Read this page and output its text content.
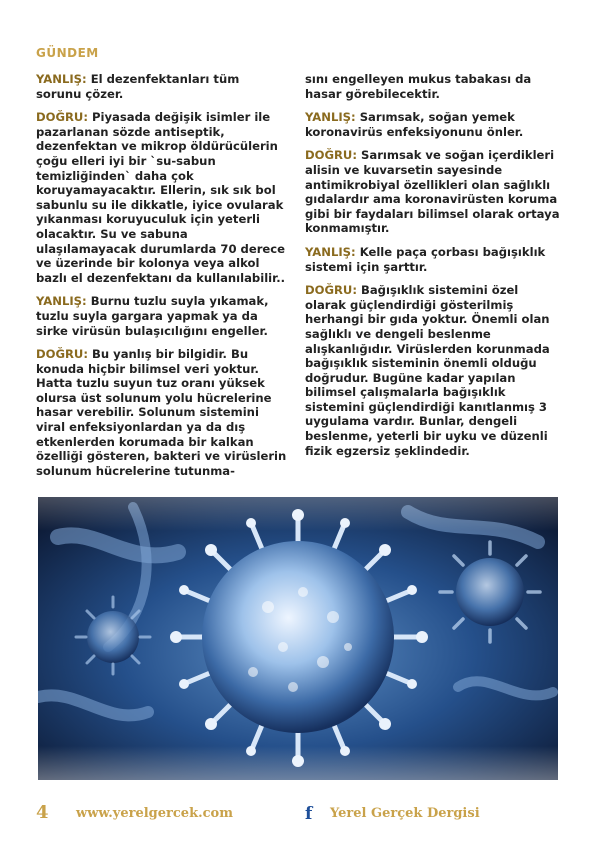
GÜNDEM

YANLIŞ: El dezenfektanları tüm sorunu çözer.

DOĞRU: Piyasada değişik isimler ile pazarlanan sözde antiseptik, dezenfektan ve mikrop öldürücülerin çoğu elleri iyi bir `su-sabun temizliğinden` daha çok koruyamayacaktır. Ellerin, sık sık bol sabunlu su ile dikkatle, iyice ovularak yıkanması koruyuculuk için yeterli olacaktır. Su ve sabuna ulaşılamayacak durumlarda 70 derece ve üzerinde bir kolonya veya alkol bazlı el dezenfektanı da kullanılabilir..

YANLIŞ: Burnu tuzlu suyla yıkamak, tuzlu suyla gargara yapmak ya da sirke virüsün bulaşıcılığını engeller.

DOĞRU: Bu yanlış bir bilgidir. Bu konuda hiçbir bilimsel veri yoktur. Hatta tuzlu suyun tuz oranı yüksek olursa üst solunum yolu hücrelerine hasar verebilir. Solunum sistemini viral enfeksiyonlardan ya da dış etkenlerden korumada bir kalkan özelliği gösteren, bakteri ve virüslerin solunum hücrelerine tutunma-

sını engelleyen mukus tabakası da hasar görebilecektir.

YANLIŞ: Sarımsak, soğan yemek koronavirüs enfeksiyonunu önler.

DOĞRU: Sarımsak ve soğan içerdikleri alisin ve kuvarsetin sayesinde antimikrobiyal özellikleri olan sağlıklı gıdalardır ama koronavirüsten koruma gibi bir faydaları bilimsel olarak ortaya konmamıştır.

YANLIŞ: Kelle paça çorbası bağışıklık sistemi için şarttır.

DOĞRU: Bağışıklık sistemini özel olarak güçlendirdiği gösterilmiş herhangi bir gıda yoktur. Önemli olan sağlıklı ve dengeli beslenme alışkanlığıdır. Virüslerden korunmada bağışıklık sisteminin önemli olduğu doğrudur. Bugüne kadar yapılan bilimsel çalışmalarla bağışıklık sistemini güçlendirdiği kanıtlanmış 3 uygulama vardır. Bunlar, dengeli beslenme, yeterli bir uyku ve düzenli fizik egzersiz şeklindedir.

4 www.yerelgercek.com	f Yerel Gerçek Dergisi
